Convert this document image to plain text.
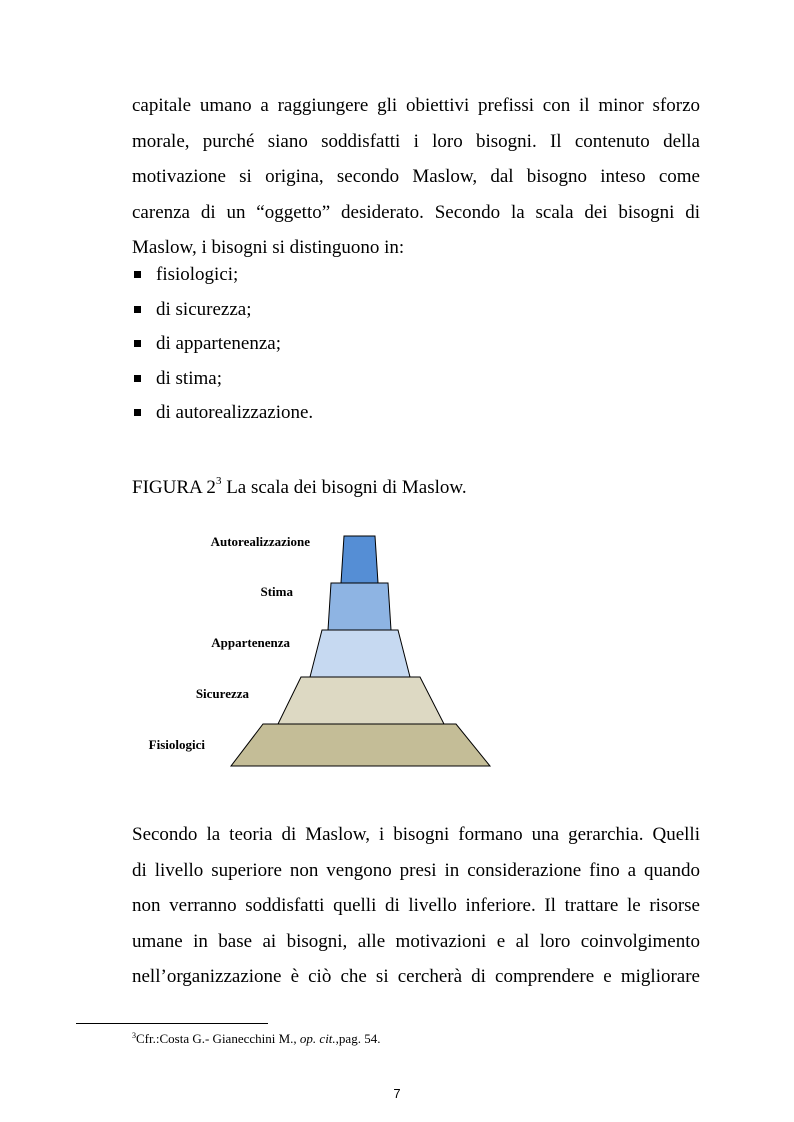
capitale umano a raggiungere gli obiettivi prefissi con il minor sforzo
morale, purché siano soddisfatti i loro bisogni. Il contenuto della
motivazione si origina, secondo Maslow, dal bisogno inteso come
carenza di un “oggetto” desiderato. Secondo la scala dei bisogni di
Maslow, i bisogni si distinguono in:
fisiologici;
di sicurezza;
di appartenenza;
di stima;
di autorealizzazione.
FIGURA $2^3$ La scala dei bisogni di Maslow.
Autorealizzazione
Stima
Appartenenza
Sicurezza
Fisiologici
Secondo la teoria di Maslow, i bisogni formano una gerarchia. Quelli
di livello superiore non vengono presi in considerazione fino a quando
non verranno soddisfatti quelli di livello inferiore. Il trattare le risorse
umane in base ai bisogni, alle motivazioni e al loro coinvolgimento
nell’organizzazione è ciò che si cercherà di comprendere e migliorare
$^3$Cfr.:Costa G.- Gianecchini M., op. cit.,pag. 54.
7
